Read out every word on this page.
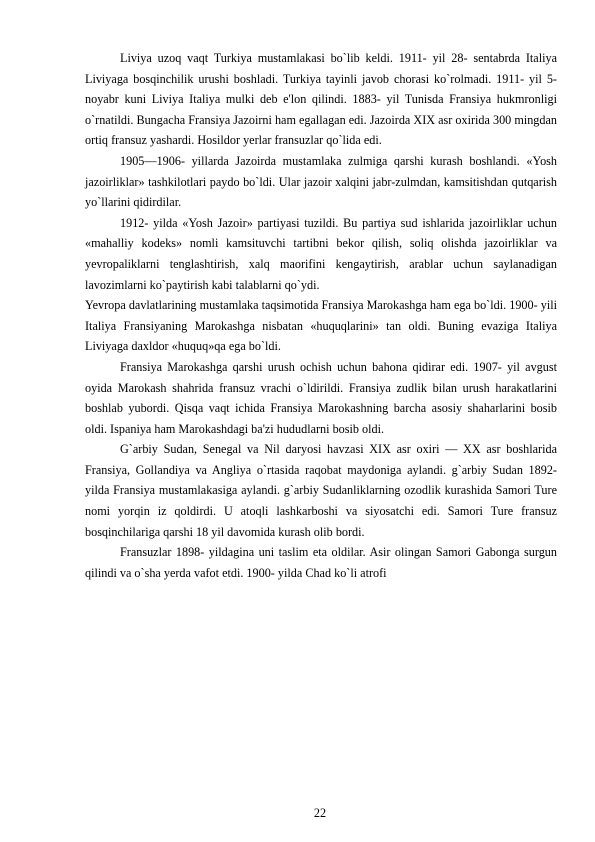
Liviya uzoq vaqt Turkiya mustamlakasi bo`lib keldi. 1911- yil 28- sentabrda Italiya Liviyaga bosqinchilik urushi boshladi. Turkiya tayinli javob chorasi ko`rolmadi. 1911- yil 5- noyabr kuni Liviya Italiya mulki deb e'lon qilindi. 1883- yil Tunisda Fransiya hukmronligi o`rnatildi. Bungacha Fransiya Jazoirni ham egallagan edi. Jazoirda XIX asr oxirida 300 mingdan ortiq fransuz yashardi. Hosildor yerlar fransuzlar qo`lida edi.

1905—1906- yillarda Jazoirda mustamlaka zulmiga qarshi kurash boshlandi. «Yosh jazoirliklar» tashkilotlari paydo bo`ldi. Ular jazoir xalqini jabr-zulmdan, kamsitishdan qutqarish yo`llarini qidirdilar.

1912- yilda «Yosh Jazoir» partiyasi tuzildi. Bu partiya sud ishlarida jazoirliklar uchun «mahalliy kodeks» nomli kamsituvchi tartibni bekor qilish, soliq olishda jazoirliklar va yevropaliklarni tenglashtirish, xalq maorifini kengaytirish, arablar uchun saylanadigan lavozimlarni ko`paytirish kabi talablarni qo`ydi.
Yevropa davlatlarining mustamlaka taqsimotida Fransiya Marokashga ham ega bo`ldi. 1900- yili Italiya Fransiyaning Marokashga nisbatan «huquqlarini» tan oldi. Buning evaziga Italiya Liviyaga daxldor «huquq»qa ega bo`ldi.

Fransiya Marokashga qarshi urush ochish uchun bahona qidirar edi. 1907- yil avgust oyida Marokash shahrida fransuz vrachi o`ldirildi. Fransiya zudlik bilan urush harakatlarini boshlab yubordi. Qisqa vaqt ichida Fransiya Marokashning barcha asosiy shaharlarini bosib oldi. Ispaniya ham Marokashdagi ba'zi hududlarni bosib oldi.

G`arbiy Sudan, Senegal va Nil daryosi havzasi XIX asr oxiri — XX asr boshlarida Fransiya, Gollandiya va Angliya o`rtasida raqobat maydoniga aylandi. g`arbiy Sudan 1892- yilda Fransiya mustamlakasiga aylandi. g`arbiy Sudanliklarning ozodlik kurashida Samori Ture nomi yorqin iz qoldirdi. U atoqli lashkarboshi va siyosatchi edi. Samori Ture fransuz bosqinchilariga qarshi 18 yil davomida kurash olib bordi.

Fransuzlar 1898- yildagina uni taslim eta oldilar. Asir olingan Samori Gabonga surgun qilindi va o`sha yerda vafot etdi. 1900- yilda Chad ko`li atrofi

22
